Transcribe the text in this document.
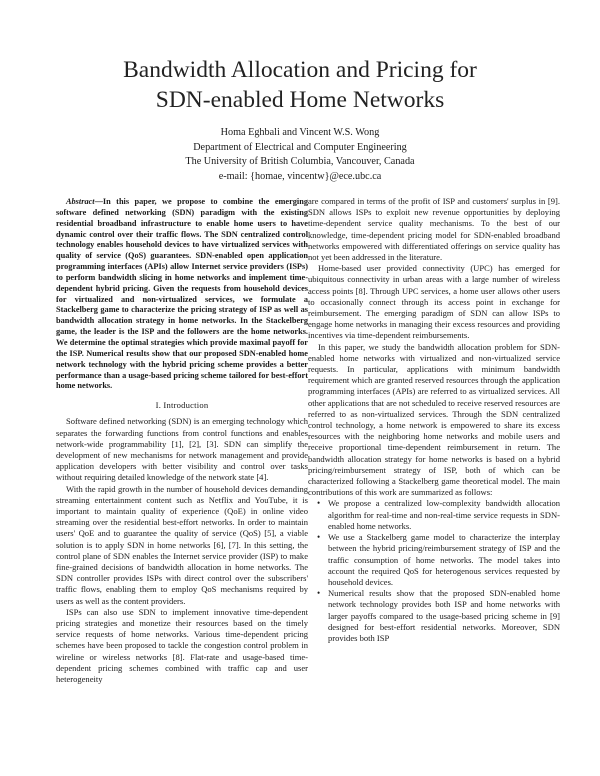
Bandwidth Allocation and Pricing for
SDN-enabled Home Networks
Homa Eghbali and Vincent W.S. Wong
Department of Electrical and Computer Engineering
The University of British Columbia, Vancouver, Canada
e-mail: {homae, vincentw}@ece.ubc.ca

Abstract—In this paper, we propose to combine the emerging software defined networking (SDN) paradigm with the existing residential broadband infrastructure to enable home users to have dynamic control over their traffic flows. The SDN centralized control technology enables household devices to have virtualized services with quality of service (QoS) guarantees. SDN-enabled open application programming interfaces (APIs) allow Internet service providers (ISPs) to perform bandwidth slicing in home networks and implement time-dependent hybrid pricing. Given the requests from household devices for virtualized and non-virtualized services, we formulate a Stackelberg game to characterize the pricing strategy of ISP as well as bandwidth allocation strategy in home networks. In the Stackelberg game, the leader is the ISP and the followers are the home networks. We determine the optimal strategies which provide maximal payoff for the ISP. Numerical results show that our proposed SDN-enabled home network technology with the hybrid pricing scheme provides a better performance than a usage-based pricing scheme tailored for best-effort home networks.

I. Introduction

Software defined networking (SDN) is an emerging technology which separates the forwarding functions from control functions and enables network-wide programmability [1], [2], [3]. SDN can simplify the development of new mechanisms for network management and provide application developers with better visibility and control over tasks without requiring detailed knowledge of the network state [4].

With the rapid growth in the number of household devices demanding streaming entertainment content such as Netflix and YouTube, it is important to maintain quality of experience (QoE) in online video streaming over the residential best-effort networks. In order to maintain users' QoE and to guarantee the quality of service (QoS) [5], a viable solution is to apply SDN in home networks [6], [7]. In this setting, the control plane of SDN enables the Internet service provider (ISP) to make fine-grained decisions of bandwidth allocation in home networks. The SDN controller provides ISPs with direct control over the subscribers' traffic flows, enabling them to employ QoS mechanisms required by users as well as the content providers.

ISPs can also use SDN to implement innovative time-dependent pricing strategies and monetize their resources based on the timely service requests of home networks. Various time-dependent pricing schemes have been proposed to tackle the congestion control problem in wireline or wireless networks [8]. Flat-rate and usage-based time-dependent pricing schemes combined with traffic cap and user heterogeneity

are compared in terms of the profit of ISP and customers' surplus in [9]. SDN allows ISPs to exploit new revenue opportunities by deploying time-dependent service quality mechanisms. To the best of our knowledge, time-dependent pricing model for SDN-enabled broadband networks empowered with differentiated offerings on service quality has not yet been addressed in the literature.

Home-based user provided connectivity (UPC) has emerged for ubiquitous connectivity in urban areas with a large number of wireless access points [8]. Through UPC services, a home user allows other users to occasionally connect through its access point in exchange for reimbursement. The emerging paradigm of SDN can allow ISPs to engage home networks in managing their excess resources and providing incentives via time-dependent reimbursements.

In this paper, we study the bandwidth allocation problem for SDN-enabled home networks with virtualized and non-virtualized service requests. In particular, applications with minimum bandwidth requirement which are granted reserved resources through the application programming interfaces (APIs) are referred to as virtualized services. All other applications that are not scheduled to receive reserved resources are referred to as non-virtualized services. Through the SDN centralized control technology, a home network is empowered to share its excess resources with the neighboring home networks and mobile users and receive proportional time-dependent reimbursement in return. The bandwidth allocation strategy for home networks is based on a hybrid pricing/reimbursement strategy of ISP, both of which can be characterized following a Stackelberg game theoretical model. The main contributions of this work are summarized as follows:

• We propose a centralized low-complexity bandwidth allocation algorithm for real-time and non-real-time service requests in SDN-enabled home networks.
• We use a Stackelberg game model to characterize the interplay between the hybrid pricing/reimbursement strategy of ISP and the traffic consumption of home networks. The model takes into account the required QoS for heterogenous services requested by household devices.
• Numerical results show that the proposed SDN-enabled home network technology provides both ISP and home networks with larger payoffs compared to the usage-based pricing scheme in [9] designed for best-effort residential networks. Moreover, SDN provides both ISP
